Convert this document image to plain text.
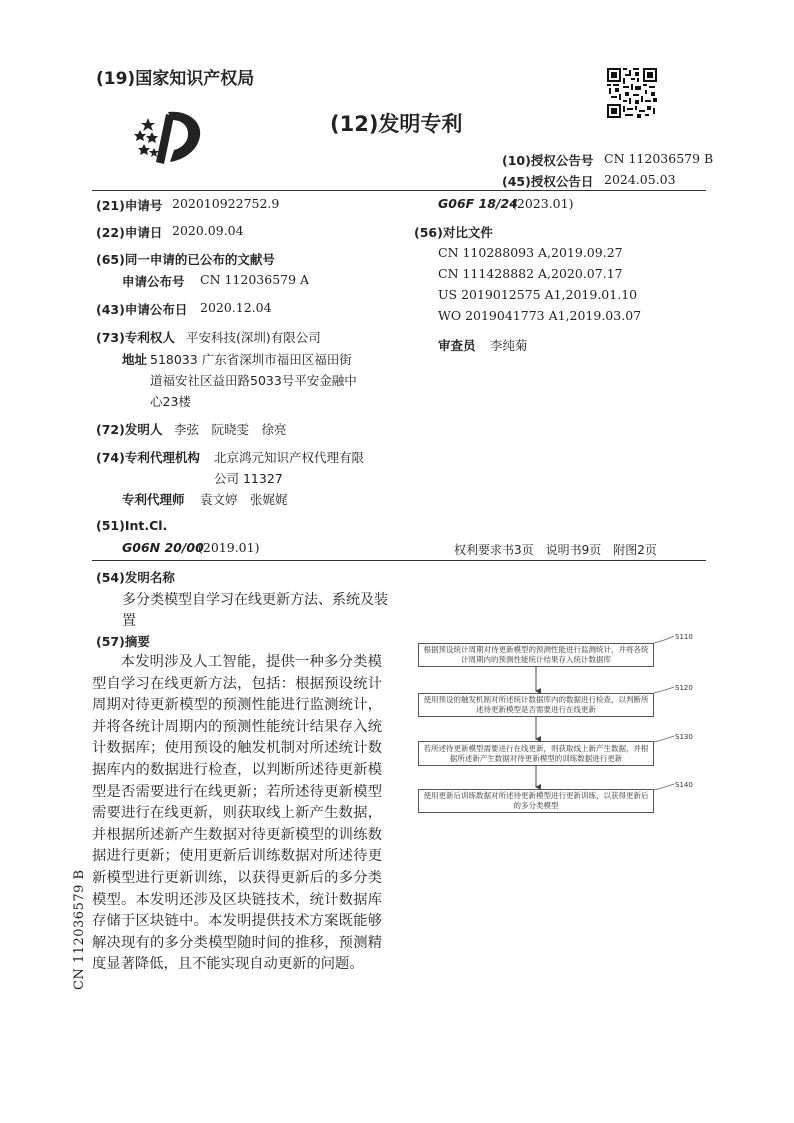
(19)国家知识产权局
(12)发明专利
(10)授权公告号 CN 112036579 B
(45)授权公告日 2024.05.03
(21)申请号 202010922752.9
(22)申请日 2020.09.04
(65)同一申请的已公布的文献号
申请公布号 CN 112036579 A
(43)申请公布日 2020.12.04
(73)专利权人 平安科技(深圳)有限公司
地址 518033 广东省深圳市福田区福田街
道福安社区益田路5033号平安金融中
心23楼
(72)发明人 李弦　阮晓雯　徐亮
(74)专利代理机构 北京鸿元知识产权代理有限
公司 11327
专利代理师 袁文婷　张娓娓
(51)Int.Cl.
G06N 20/00
(2019.01)
G06F 18/24
(2023.01)
(56)对比文件
CN 110288093 A,2019.09.27
CN 111428882 A,2020.07.17
US 2019012575 A1,2019.01.10
WO 2019041773 A1,2019.03.07
审查员 李纯菊
权利要求书3页　说明书9页　附图2页
(54)发明名称
多分类模型自学习在线更新方法、系统及装
置
(57)摘要
本发明涉及人工智能，提供一种多分类模型自学习在线更新方法，包括：根据预设统计周期对待更新模型的预测性能进行监测统计，并将各统计周期内的预测性能统计结果存入统计数据库；使用预设的触发机制对所述统计数据库内的数据进行检查，以判断所述待更新模型是否需要进行在线更新；若所述待更新模型需要进行在线更新，则获取线上新产生数据，并根据所述新产生数据对待更新模型的训练数据进行更新；使用更新后训练数据对所述待更新模型进行更新训练，以获得更新后的多分类模型。本发明还涉及区块链技术，统计数据库存储于区块链中。本发明提供技术方案既能够解决现有的多分类模型随时间的推移，预测精度显著降低，且不能实现自动更新的问题。
根据预设统计周期对待更新模型的预测性能进行监测统计，并将各统计周期内的预测性能统计结果存入统计数据库
S110
使用预设的触发机制对所述统计数据库内的数据进行检查，以判断所述待更新模型是否需要进行在线更新
S120
若所述待更新模型需要进行在线更新，则获取线上新产生数据，并根据所述新产生数据对待更新模型的训练数据进行更新
S130
使用更新后训练数据对所述待更新模型进行更新训练，以获得更新后的多分类模型
S140
CN 112036579 B
